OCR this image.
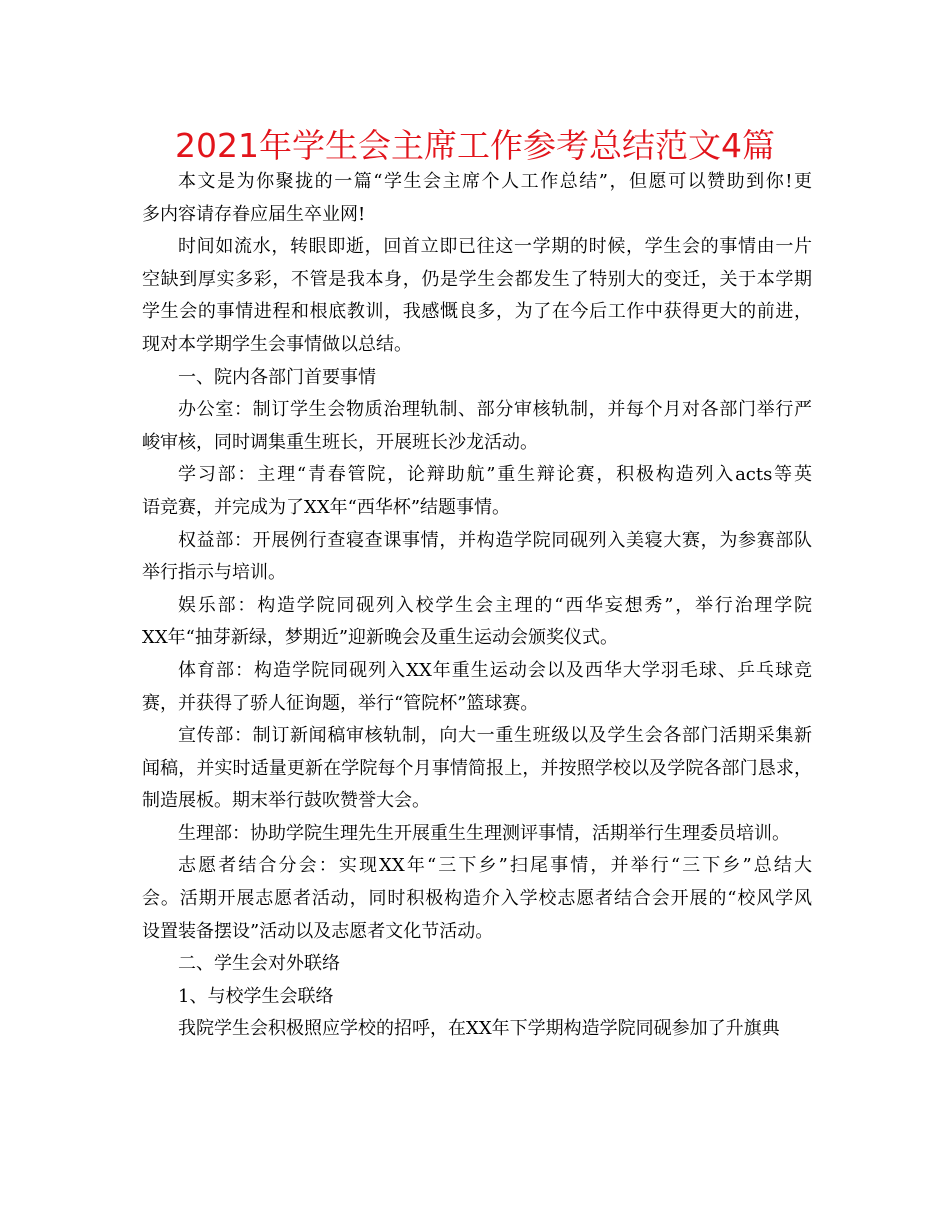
2021年学生会主席工作参考总结范文4篇

本文是为你聚拢的一篇“学生会主席个人工作总结”，但愿可以赞助到你!更
多内容请存眷应届生卒业网!

时间如流水，转眼即逝，回首立即已往这一学期的时候，学生会的事情由一片
空缺到厚实多彩，不管是我本身，仍是学生会都发生了特别大的变迁，关于本学期
学生会的事情进程和根底教训，我感慨良多，为了在今后工作中获得更大的前进，
现对本学期学生会事情做以总结。

一、院内各部门首要事情

办公室：制订学生会物质治理轨制、部分审核轨制，并每个月对各部门举行严
峻审核，同时调集重生班长，开展班长沙龙活动。

学习部：主理“青春管院，论辩助航”重生辩论赛，积极构造列入acts等英
语竞赛，并完成为了XX年“西华杯”结题事情。

权益部：开展例行查寝查课事情，并构造学院同砚列入美寝大赛，为参赛部队
举行指示与培训。

娱乐部：构造学院同砚列入校学生会主理的“西华妄想秀”，举行治理学院
XX年“抽芽新绿，梦期近”迎新晚会及重生运动会颁奖仪式。

体育部：构造学院同砚列入XX年重生运动会以及西华大学羽毛球、乒乓球竞
赛，并获得了骄人征询题，举行“管院杯”篮球赛。

宣传部：制订新闻稿审核轨制，向大一重生班级以及学生会各部门活期采集新
闻稿，并实时适量更新在学院每个月事情简报上，并按照学校以及学院各部门恳求，
制造展板。期末举行鼓吹赞誉大会。

生理部：协助学院生理先生开展重生生理测评事情，活期举行生理委员培训。

志愿者结合分会：实现XX年“三下乡”扫尾事情，并举行“三下乡”总结大
会。活期开展志愿者活动，同时积极构造介入学校志愿者结合会开展的“校风学风
设置装备摆设”活动以及志愿者文化节活动。

二、学生会对外联络

1、与校学生会联络

我院学生会积极照应学校的招呼，在XX年下学期构造学院同砚参加了升旗典
